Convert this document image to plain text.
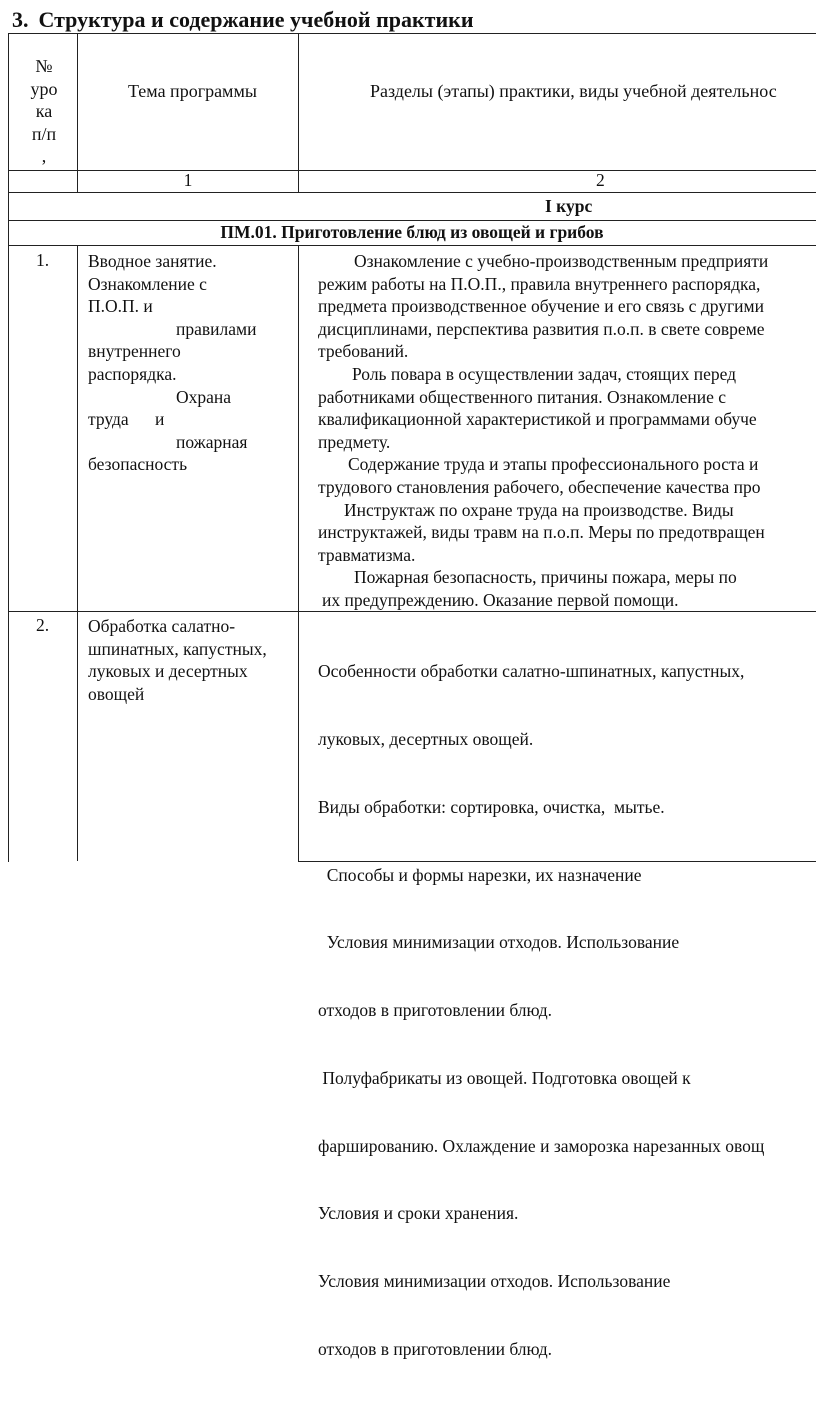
3. Структура и содержание учебной практики
№
уро
ка
п/п
,
Тема программы	Разделы (этапы) практики, виды учебной деятельнос
1	2
I курс
ПМ.01. Приготовление блюд из овощей и грибов
1. Вводное занятие.
Ознакомление с
П.О.П. и
правилами
внутреннего
распорядка.
Охрана
труда      и
пожарная
безопасность
Ознакомление с учебно-производственным предприяти
режим работы на П.О.П., правила внутреннего распорядка,
предмета производственное обучение и его связь с другими
дисциплинами, перспектива развития п.о.п. в свете совреме
требований.
Роль повара в осуществлении задач, стоящих перед
работниками общественного питания. Ознакомление с
квалификационной характеристикой и программами обуче
предмету.
Содержание труда и этапы профессионального роста и
трудового становления рабочего, обеспечение качества про
Инструктаж по охране труда на производстве. Виды
инструктажей, виды травм на п.о.п. Меры по предотвращен
травматизма.
Пожарная безопасность, причины пожара, меры по
их предупреждению. Оказание первой помощи.
2. Обработка салатно-
шпинатных, капустных,
луковых и десертных
овощей

Особенности обработки салатно-шпинатных, капустных,

луковых, десертных овощей.

Виды обработки: сортировка, очистка,  мытье.

Способы и формы нарезки, их назначение

Условия минимизации отходов. Использование

отходов в приготовлении блюд.

Полуфабрикаты из овощей. Подготовка овощей к

фаршированию. Охлаждение и заморозка нарезанных овощ

Условия и сроки хранения.

Условия минимизации отходов. Использование

отходов в приготовлении блюд.
